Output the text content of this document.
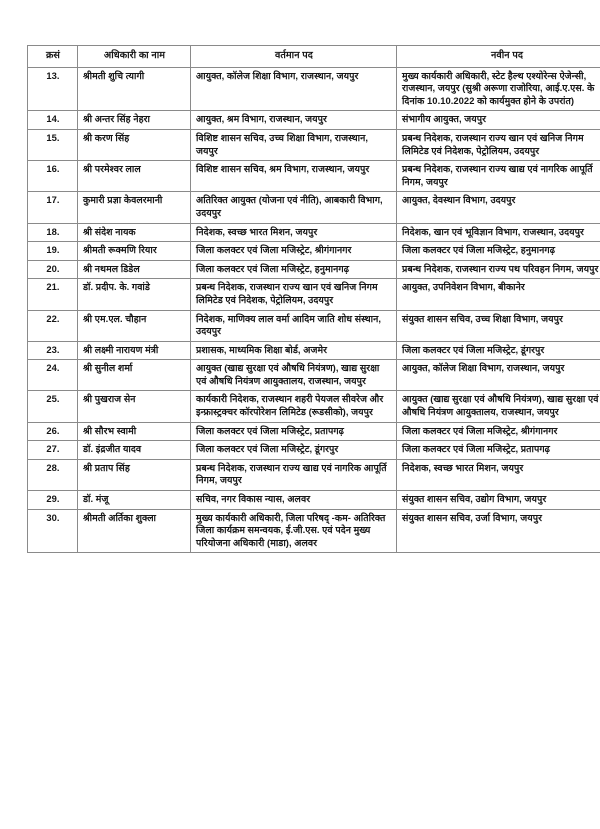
क्रसं	अधिकारी का नाम	वर्तमान पद	नवीन पद
13.	श्रीमती शुचि त्यागी	आयुक्त, कॉलेज शिक्षा विभाग, राजस्थान, जयपुर	मुख्य कार्यकारी अधिकारी, स्टेट हैल्थ एश्योरेन्स ऐजेन्सी, राजस्थान, जयपुर (सुश्री अरूणा राजोरिया, आई.ए.एस. के दिनांक 10.10.2022 को कार्यमुक्त होने के उपरांत)
14.	श्री अन्तर सिंह नेहरा	आयुक्त, श्रम विभाग, राजस्थान, जयपुर	संभागीय आयुक्त, जयपुर
15.	श्री करण सिंह	विशिष्ट शासन सचिव, उच्च शिक्षा विभाग, राजस्थान, जयपुर	प्रबन्ध निदेशक, राजस्थान राज्य खान एवं खनिज निगम लिमिटेड एवं निदेशक, पेट्रोलियम, उदयपुर
16.	श्री परमेश्वर लाल	विशिष्ट शासन सचिव, श्रम विभाग, राजस्थान, जयपुर	प्रबन्ध निदेशक, राजस्थान राज्य खाद्य एवं नागरिक आपूर्ति निगम, जयपुर
17.	कुमारी प्रज्ञा केवलरमानी	अतिरिक्त आयुक्त (योजना एवं नीति), आबकारी विभाग, उदयपुर	आयुक्त, देवस्थान विभाग, उदयपुर
18.	श्री संदेश नायक	निदेशक, स्वच्छ भारत मिशन, जयपुर	निदेशक, खान एवं भूविज्ञान विभाग, राजस्थान, उदयपुर
19.	श्रीमती रूक्मणि रियार	जिला कलक्टर एवं जिला मजिस्ट्रेट, श्रीगंगानगर	जिला कलक्टर एवं जिला मजिस्ट्रेट, हनुमानगढ़
20.	श्री नथमल डिडेल	जिला कलक्टर एवं जिला मजिस्ट्रेट, हनुमानगढ़	प्रबन्ध निदेशक, राजस्थान राज्य पथ परिवहन निगम, जयपुर
21.	डॉ. प्रदीप. के. गवांडे	प्रबन्ध निदेशक, राजस्थान राज्य खान एवं खनिज निगम लिमिटेड एवं निदेशक, पेट्रोलियम, उदयपुर	आयुक्त, उपनिवेशन विभाग, बीकानेर
22.	श्री एम.एल. चौहान	निदेशक, माणिक्य लाल वर्मा आदिम जाति शोध संस्थान, उदयपुर	संयुक्त शासन सचिव, उच्च शिक्षा विभाग, जयपुर
23.	श्री लक्ष्मी नारायण मंत्री	प्रशासक, माध्यमिक शिक्षा बोर्ड, अजमेर	जिला कलक्टर एवं जिला मजिस्ट्रेट, डूंगरपुर
24.	श्री सुनील शर्मा	आयुक्त (खाद्य सुरक्षा एवं औषधि नियंत्रण), खाद्य सुरक्षा एवं औषधि नियंत्रण आयुक्तालय, राजस्थान, जयपुर	आयुक्त, कॉलेज शिक्षा विभाग, राजस्थान, जयपुर
25.	श्री पुखराज सेन	कार्यकारी निदेशक, राजस्थान शहरी पेयजल सीवरेज और इन्फ्रास्ट्रक्चर कॉरपोरेशन लिमिटेड (रूडसीको), जयपुर	आयुक्त (खाद्य सुरक्षा एवं औषधि नियंत्रण), खाद्य सुरक्षा एवं औषधि नियंत्रण आयुक्तालय, राजस्थान, जयपुर
26.	श्री सौरभ स्वामी	जिला कलक्टर एवं जिला मजिस्ट्रेट, प्रतापगढ़	जिला कलक्टर एवं जिला मजिस्ट्रेट, श्रीगंगानगर
27.	डॉ. इंद्रजीत यादव	जिला कलक्टर एवं जिला मजिस्ट्रेट, डूंगरपुर	जिला कलक्टर एवं जिला मजिस्ट्रेट, प्रतापगढ़
28.	श्री प्रताप सिंह	प्रबन्ध निदेशक, राजस्थान राज्य खाद्य एवं नागरिक आपूर्ति निगम, जयपुर	निदेशक, स्वच्छ भारत मिशन, जयपुर
29.	डॉ. मंजू	सचिव, नगर विकास न्यास, अलवर	संयुक्त शासन सचिव, उद्योग विभाग, जयपुर
30.	श्रीमती अर्तिका शुक्ला	मुख्य कार्यकारी अधिकारी, जिला परिषद् -कम- अतिरिक्त जिला कार्यक्रम समन्वयक, ई.जी.एस. एवं पदेन मुख्य परियोजना अधिकारी (माडा), अलवर	संयुक्त शासन सचिव, उर्जा विभाग, जयपुर
